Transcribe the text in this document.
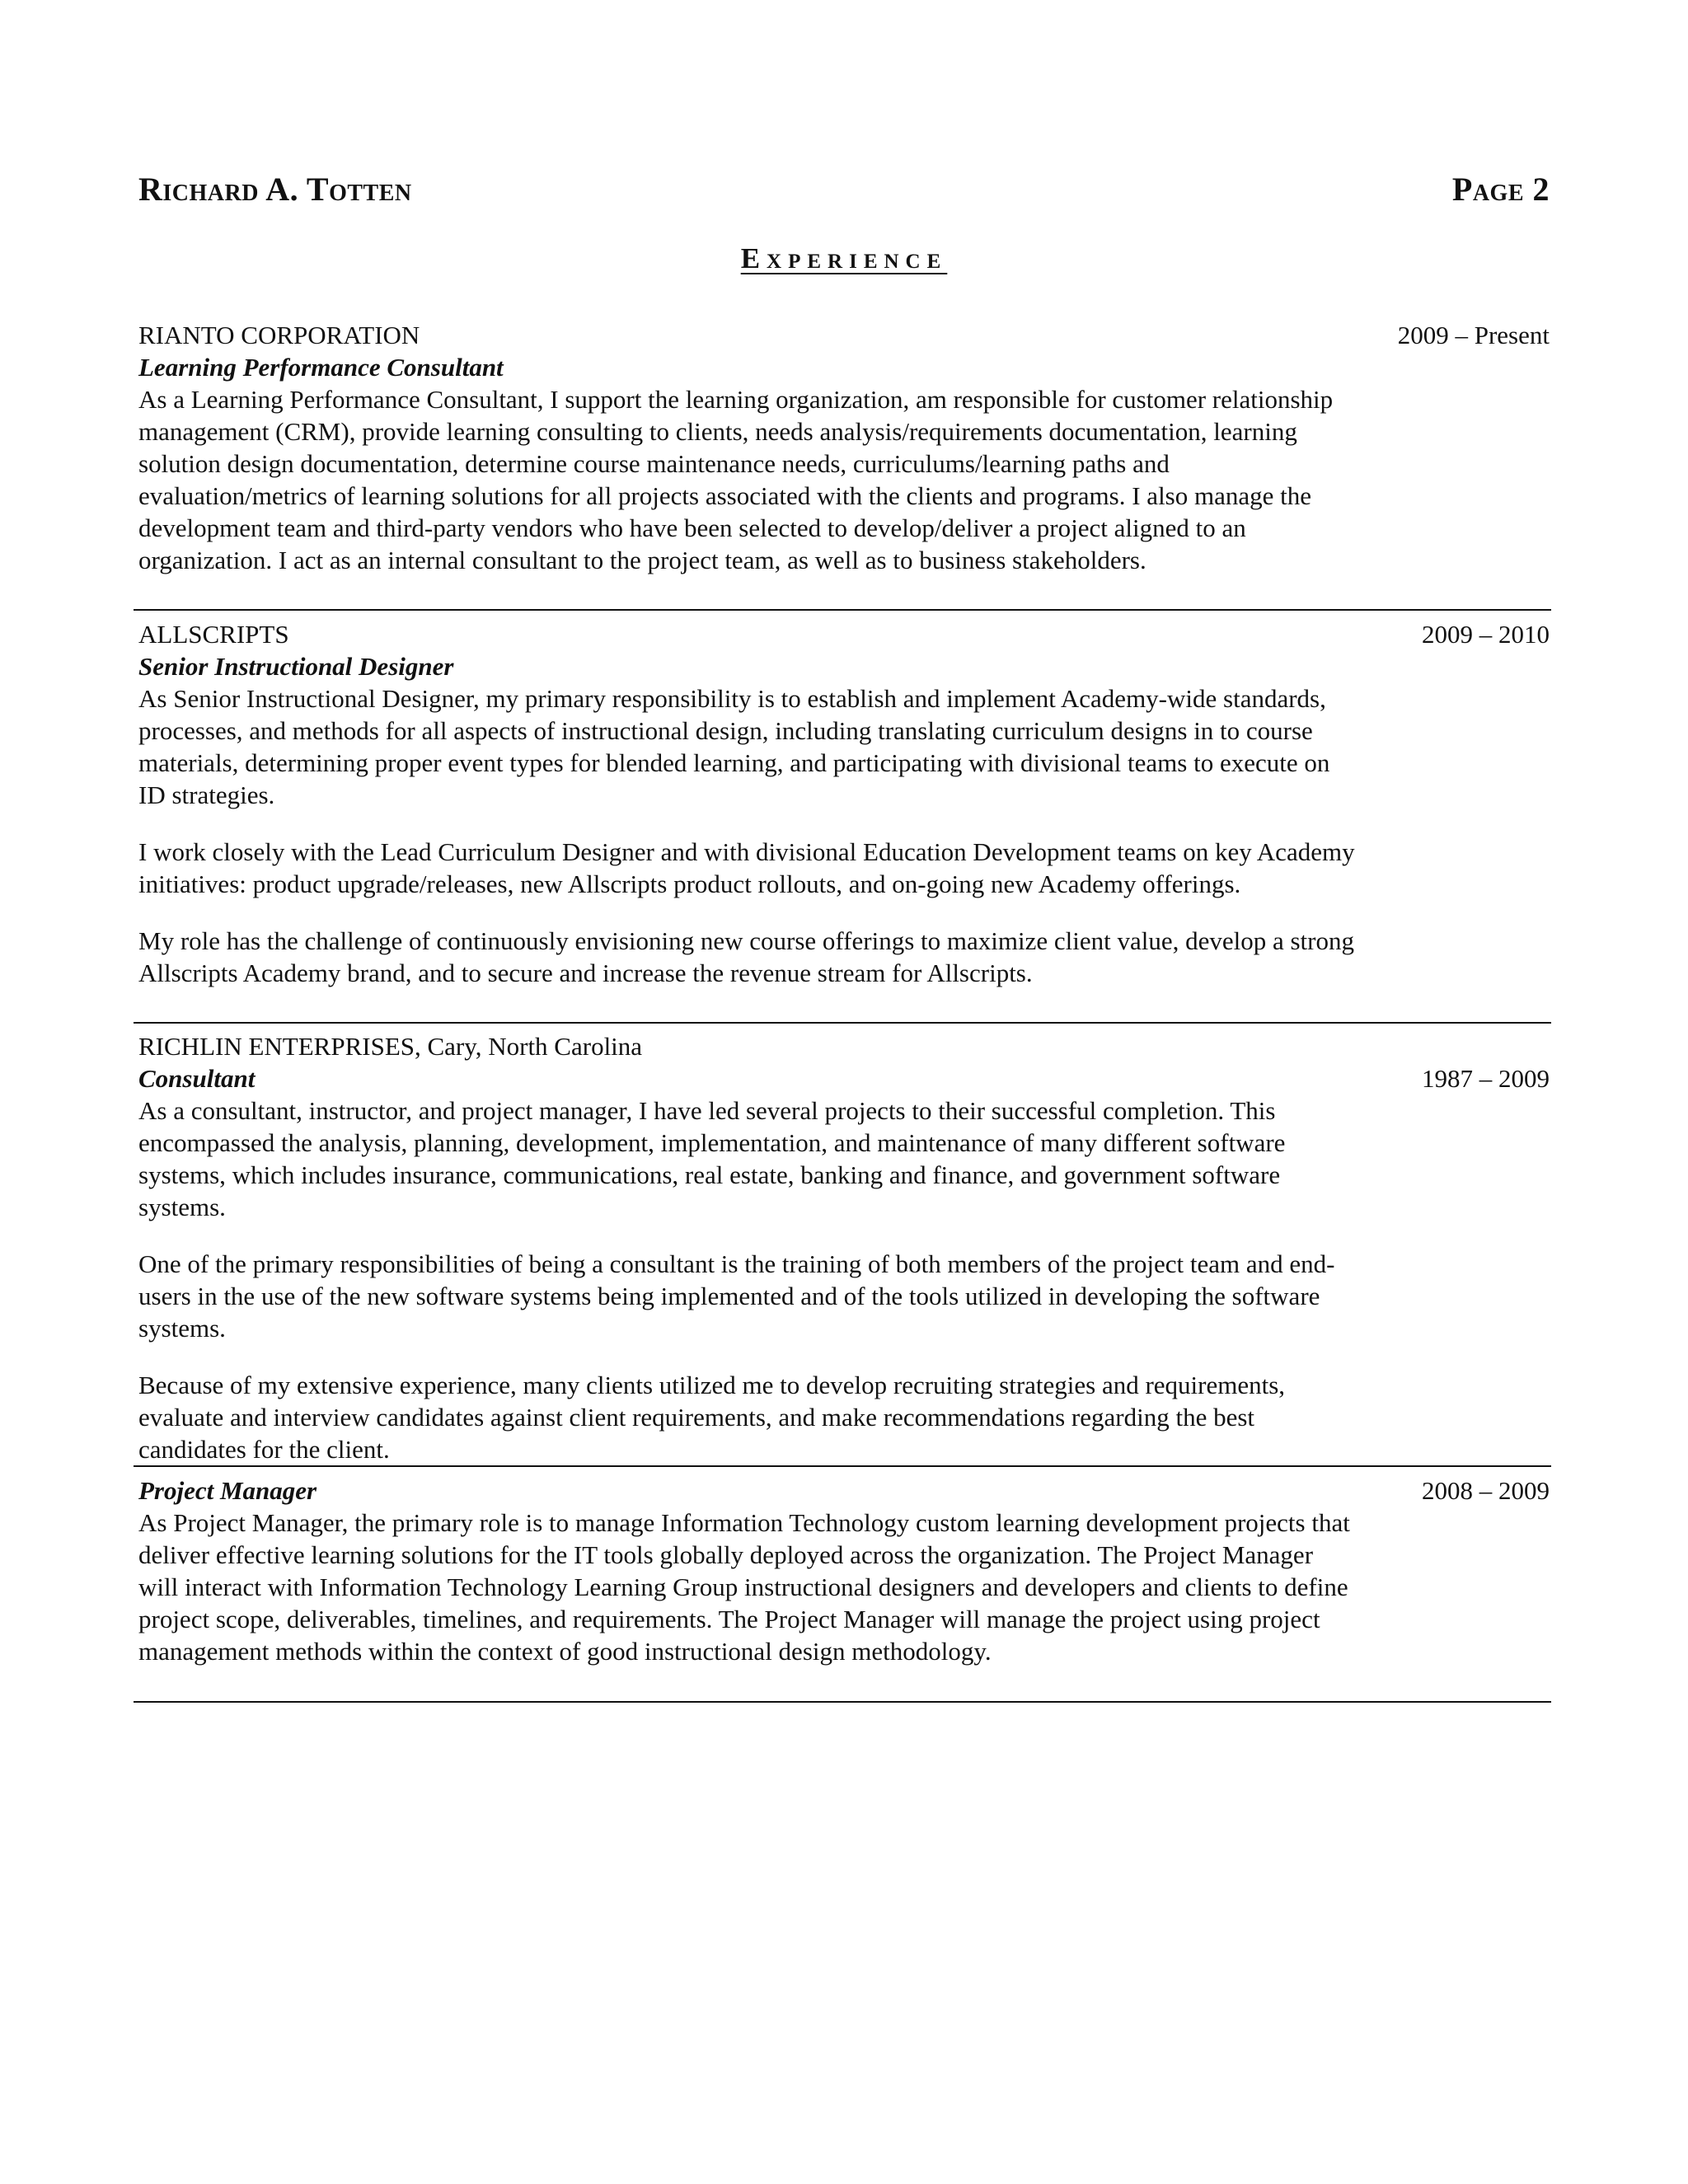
Richard A. Totten	Page 2
Experience
2009 – Present
RIANTO CORPORATION
Learning Performance Consultant

As a Learning Performance Consultant, I support the learning organization, am responsible for customer relationship management (CRM), provide learning consulting to clients, needs analysis/requirements documentation, learning solution design documentation, determine course maintenance needs, curriculums/learning paths and evaluation/metrics of learning solutions for all projects associated with the clients and programs. I also manage the development team and third-party vendors who have been selected to develop/deliver a project aligned to an organization. I act as an internal consultant to the project team, as well as to business stakeholders.

2009 – 2010
ALLSCRIPTS
Senior Instructional Designer

As Senior Instructional Designer, my primary responsibility is to establish and implement Academy-wide standards, processes, and methods for all aspects of instructional design, including translating curriculum designs in to course materials, determining proper event types for blended learning, and participating with divisional teams to execute on ID strategies.

I work closely with the Lead Curriculum Designer and with divisional Education Development teams on key Academy initiatives: product upgrade/releases, new Allscripts product rollouts, and on-going new Academy offerings.

My role has the challenge of continuously envisioning new course offerings to maximize client value, develop a strong Allscripts Academy brand, and to secure and increase the revenue stream for Allscripts.

1987 – 2009
RICHLIN ENTERPRISES, Cary, North Carolina
Consultant

As a consultant, instructor, and project manager, I have led several projects to their successful completion. This encompassed the analysis, planning, development, implementation, and maintenance of many different software systems, which includes insurance, communications, real estate, banking and finance, and government software systems.

One of the primary responsibilities of being a consultant is the training of both members of the project team and end-users in the use of the new software systems being implemented and of the tools utilized in developing the software systems.

Because of my extensive experience, many clients utilized me to develop recruiting strategies and requirements, evaluate and interview candidates against client requirements, and make recommendations regarding the best candidates for the client.

2008 – 2009
Project Manager

As Project Manager, the primary role is to manage Information Technology custom learning development projects that deliver effective learning solutions for the IT tools globally deployed across the organization. The Project Manager will interact with Information Technology Learning Group instructional designers and developers and clients to define project scope, deliverables, timelines, and requirements. The Project Manager will manage the project using project management methods within the context of good instructional design methodology.
